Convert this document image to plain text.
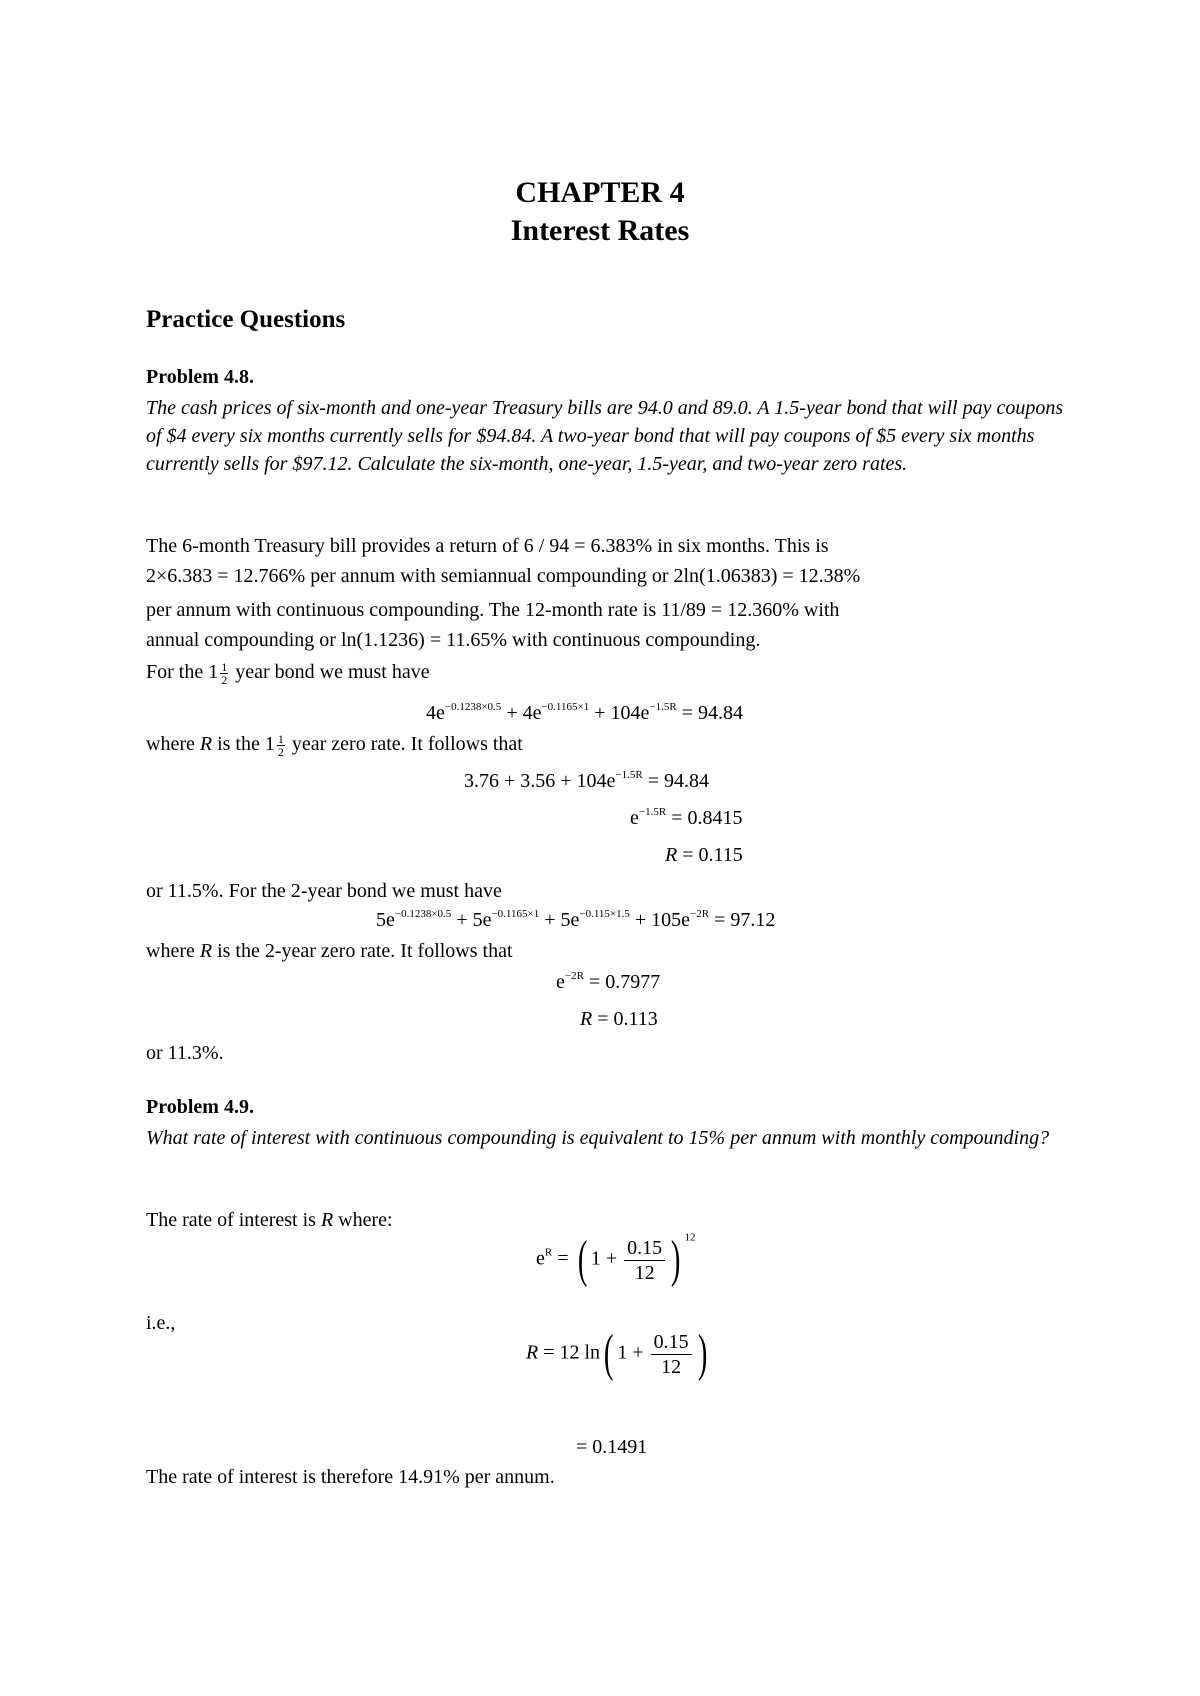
CHAPTER 4
Interest Rates
Practice Questions
Problem 4.8.
The cash prices of six-month and one-year Treasury bills are 94.0 and 89.0. A 1.5-year bond that will pay coupons of $4 every six months currently sells for $94.84. A two-year bond that will pay coupons of $5 every six months currently sells for $97.12. Calculate the six-month, one-year, 1.5-year, and two-year zero rates.
The 6-month Treasury bill provides a return of 6 / 94 = 6.383% in six months. This is
2×6.383 = 12.766% per annum with semiannual compounding or 2ln(1.06383) = 12.38%
per annum with continuous compounding. The 12-month rate is 11/89 = 12.360% with
annual compounding or ln(1.1236) = 11.65% with continuous compounding.
For the $1 \frac{1}{2}$ year bond we must have
$4e^{-0.1238\times 0.5} + 4e^{-0.1165\times 1} + 104e^{-1.5R} = 94.84$
where R is the $1 \frac{1}{2}$ year zero rate. It follows that
$3.76 + 3.56 + 104e^{-1.5R} = 94.84$
$e^{-1.5R} = 0.8415$
R = 0.115
or 11.5%. For the 2-year bond we must have
$5e^{-0.1238\times 0.5} + 5e^{-0.1165\times 1} + 5e^{-0.115\times 1.5} + 105e^{-2R} = 97.12$
where R is the 2-year zero rate. It follows that
$e^{-2R} = 0.7977$
R = 0.113
or 11.3%.
Problem 4.9.
What rate of interest with continuous compounding is equivalent to 15% per annum with monthly compounding?
The rate of interest is R where:
$e^R$ = ( $1 + \frac{0.15}{12}$ ) $^{12}$
i.e.,
R = 12 ln( $1 + \frac{0.15}{12}$ )
= 0.1491
The rate of interest is therefore 14.91% per annum.
